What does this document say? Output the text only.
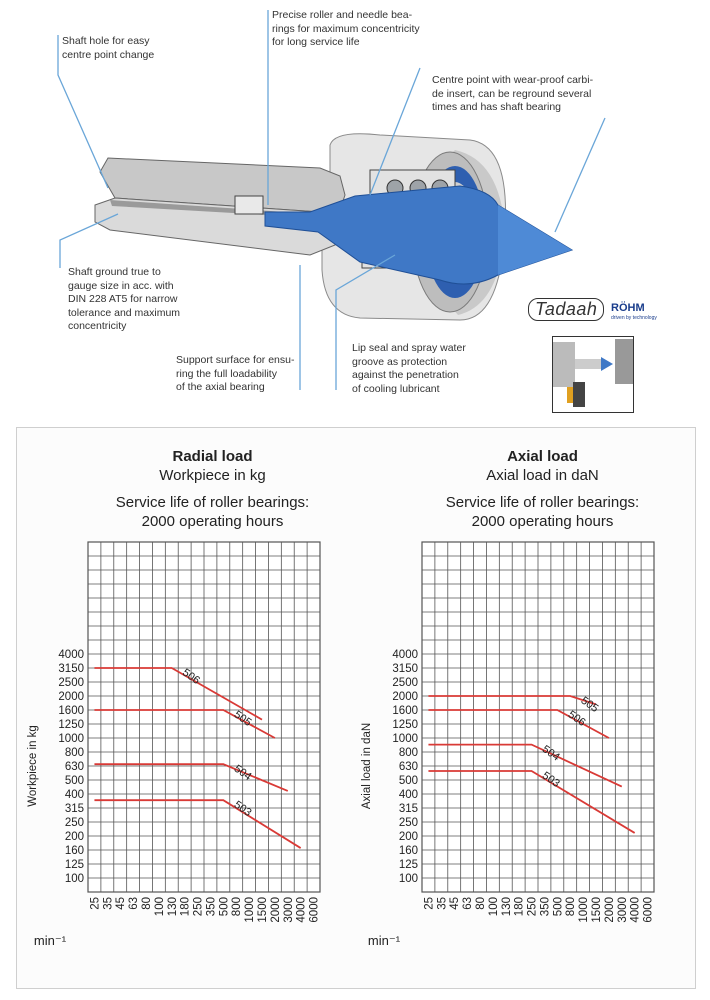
Shaft hole for easy
centre point change
Precise roller and needle bea-
rings for maximum concentricity
for long service life
Centre point with wear-proof carbi-
de insert, can be reground several
times and has shaft bearing
Shaft ground true to
gauge size in acc. with
DIN 228 AT5 for narrow
tolerance and maximum
concentricity
Support surface for ensu-
ring the full loadability
of the axial bearing
Lip seal and spray water
groove as protection
against the penetration
of cooling lubricant
Tadaah	RÖHM
driven by technology
Radial load
Workpiece in kg
Service life of roller bearings:
2000 operating hours
Axial load
Axial load in daN
Service life of roller bearings:
2000 operating hours
4000
3150
2500
2000
1600
1250
1000
800
630
500
400
315
250
200
160
125
100
25 35 45 63 80 100 130 180 250 350 500 800 1000 1500 2000 3000 4000 6000
Workpiece in kg
min⁻¹
506
505
504
503
4000
3150
2500
2000
1600
1250
1000
800
630
500
400
315
250
200
160
125
100
25 35 45 63 80 100 130 180 250 350 500 800 1000 1500 2000 3000 4000 6000
Axial load in daN
min⁻¹
505
506
504
503
